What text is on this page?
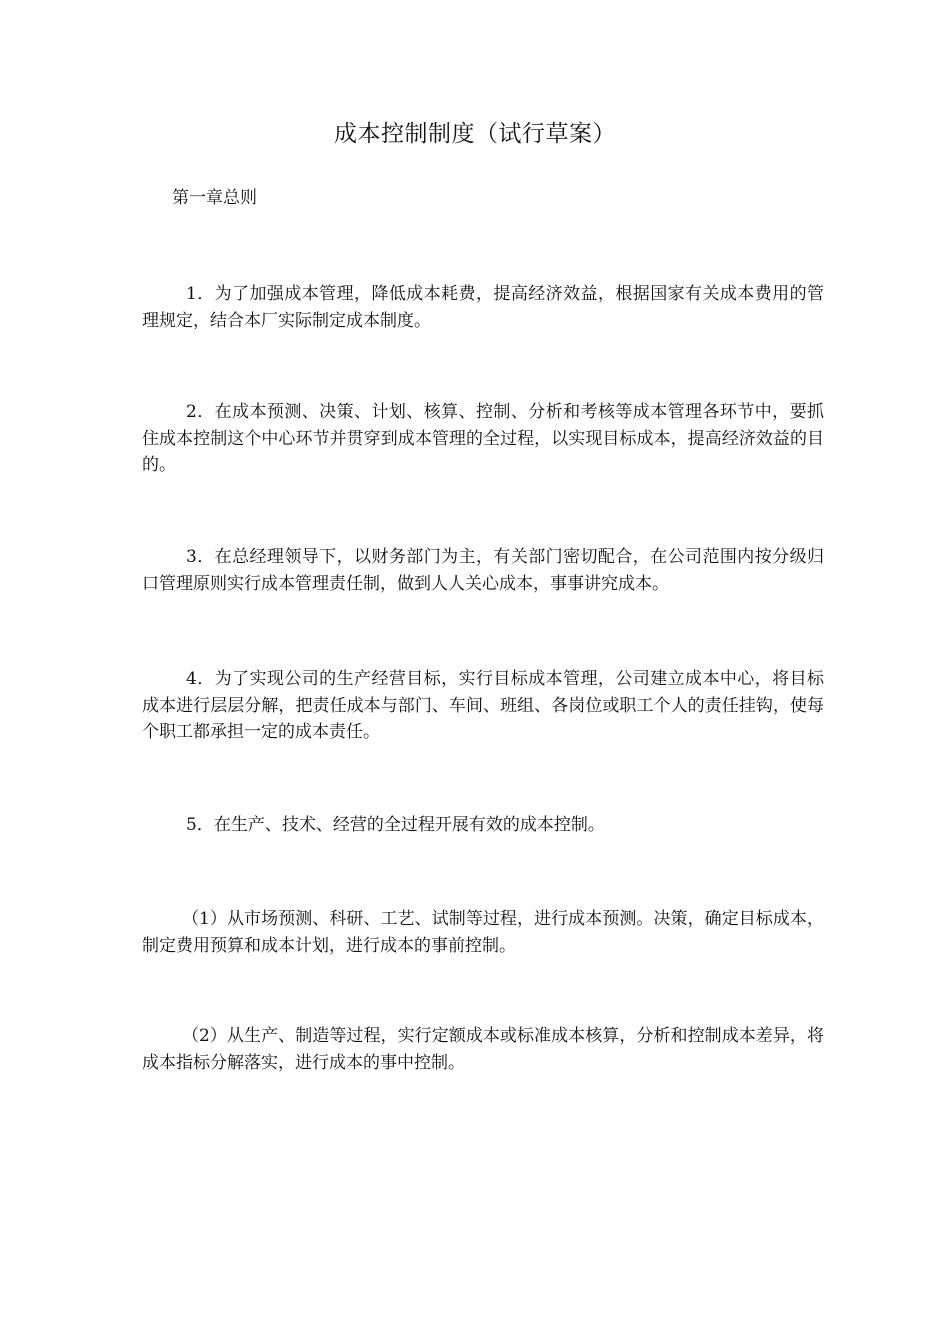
成本控制制度（试行草案）
第一章总则

1．为了加强成本管理，降低成本耗费，提高经济效益，根据国家有关成本费用的管理规定，结合本厂实际制定成本制度。

2．在成本预测、决策、计划、核算、控制、分析和考核等成本管理各环节中，要抓住成本控制这个中心环节并贯穿到成本管理的全过程，以实现目标成本，提高经济效益的目的。

3．在总经理领导下，以财务部门为主，有关部门密切配合，在公司范围内按分级归口管理原则实行成本管理责任制，做到人人关心成本，事事讲究成本。

4．为了实现公司的生产经营目标，实行目标成本管理，公司建立成本中心，将目标成本进行层层分解，把责任成本与部门、车间、班组、各岗位或职工个人的责任挂钩，使每个职工都承担一定的成本责任。

5．在生产、技术、经营的全过程开展有效的成本控制。

（1）从市场预测、科研、工艺、试制等过程，进行成本预测。决策，确定目标成本，制定费用预算和成本计划，进行成本的事前控制。

（2）从生产、制造等过程，实行定额成本或标准成本核算，分析和控制成本差异，将成本指标分解落实，进行成本的事中控制。
